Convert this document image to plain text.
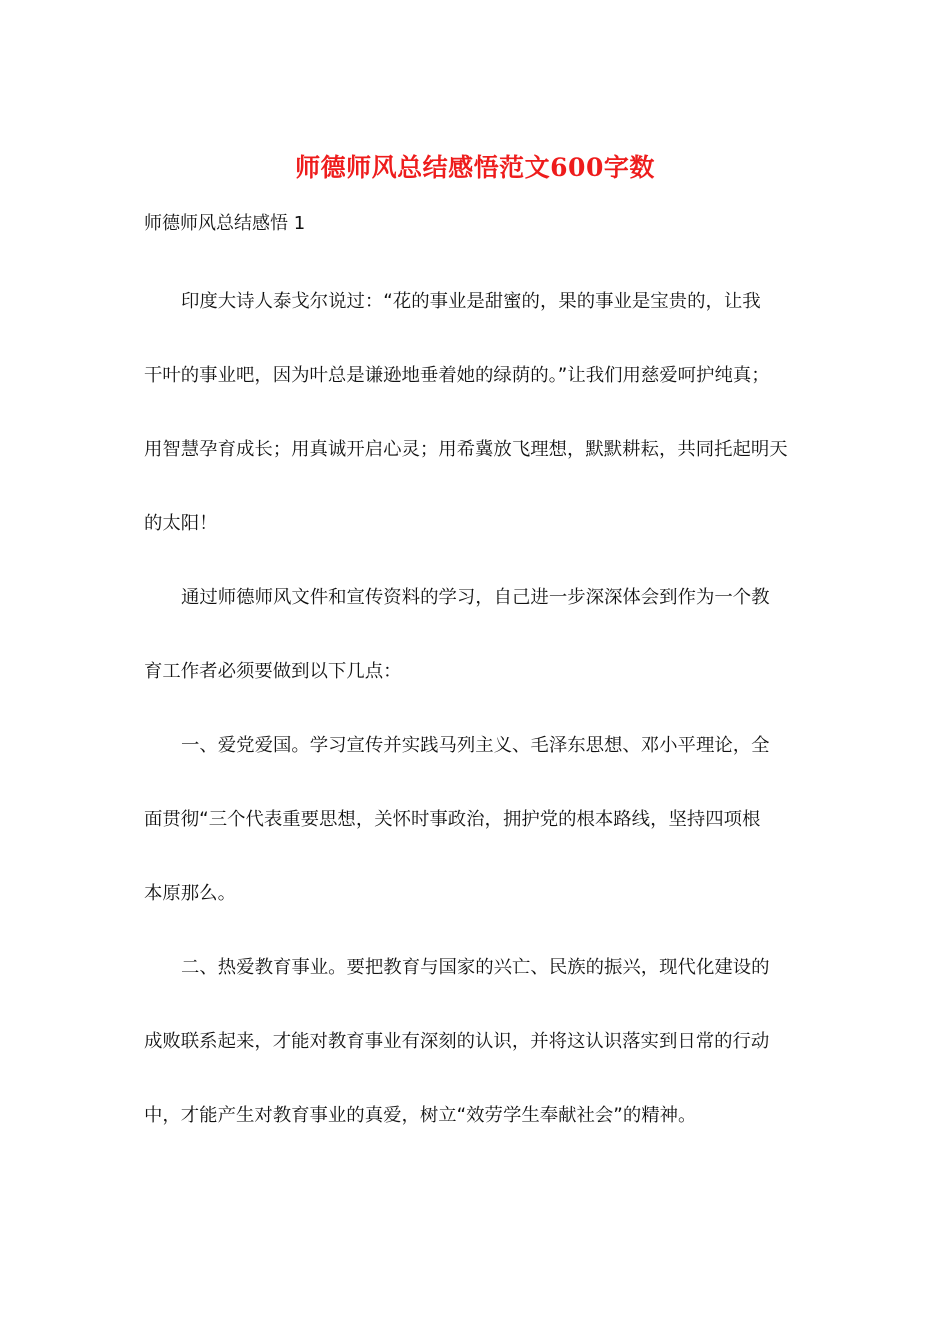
师德师风总结感悟范文600字数
师德师风总结感悟 1

印度大诗人泰戈尔说过：“花的事业是甜蜜的，果的事业是宝贵的，让我
干叶的事业吧，因为叶总是谦逊地垂着她的绿荫的。”让我们用慈爱呵护纯真；
用智慧孕育成长；用真诚开启心灵；用希冀放飞理想，默默耕耘，共同托起明天
的太阳！

通过师德师风文件和宣传资料的学习，自己进一步深深体会到作为一个教
育工作者必须要做到以下几点：

一、爱党爱国。学习宣传并实践马列主义、毛泽东思想、邓小平理论，全
面贯彻“三个代表重要思想，关怀时事政治，拥护党的根本路线，坚持四项根
本原那么。

二、热爱教育事业。要把教育与国家的兴亡、民族的振兴，现代化建设的
成败联系起来，才能对教育事业有深刻的认识，并将这认识落实到日常的行动
中，才能产生对教育事业的真爱，树立“效劳学生奉献社会”的精神。
